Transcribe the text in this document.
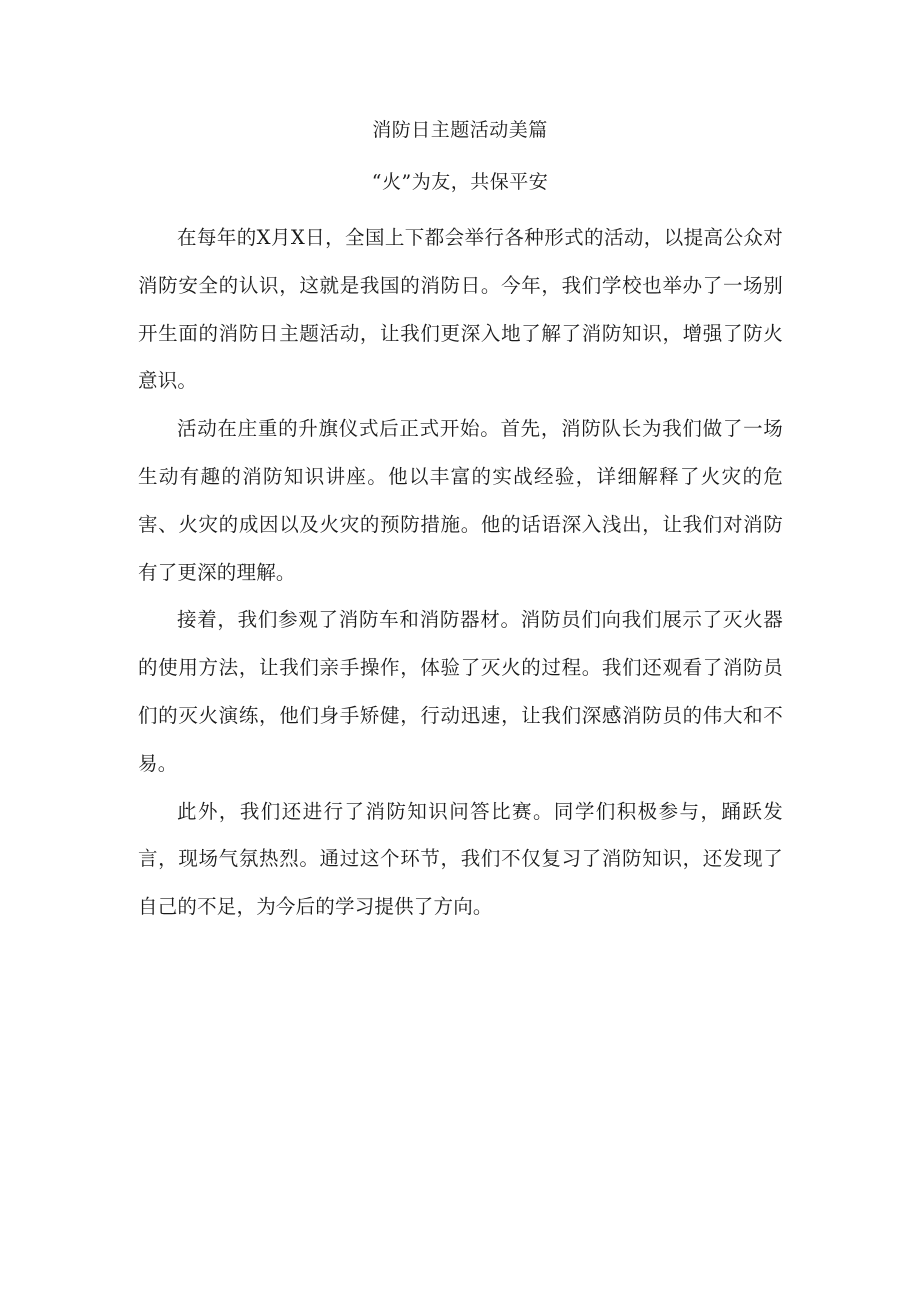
消防日主题活动美篇
“火”为友，共保平安

在每年的X月X日，全国上下都会举行各种形式的活动，以提高公众对消防安全的认识，这就是我国的消防日。今年，我们学校也举办了一场别开生面的消防日主题活动，让我们更深入地了解了消防知识，增强了防火意识。

活动在庄重的升旗仪式后正式开始。首先，消防队长为我们做了一场生动有趣的消防知识讲座。他以丰富的实战经验，详细解释了火灾的危害、火灾的成因以及火灾的预防措施。他的话语深入浅出，让我们对消防有了更深的理解。

接着，我们参观了消防车和消防器材。消防员们向我们展示了灭火器的使用方法，让我们亲手操作，体验了灭火的过程。我们还观看了消防员们的灭火演练，他们身手矫健，行动迅速，让我们深感消防员的伟大和不易。

此外，我们还进行了消防知识问答比赛。同学们积极参与，踊跃发言，现场气氛热烈。通过这个环节，我们不仅复习了消防知识，还发现了自己的不足，为今后的学习提供了方向。
